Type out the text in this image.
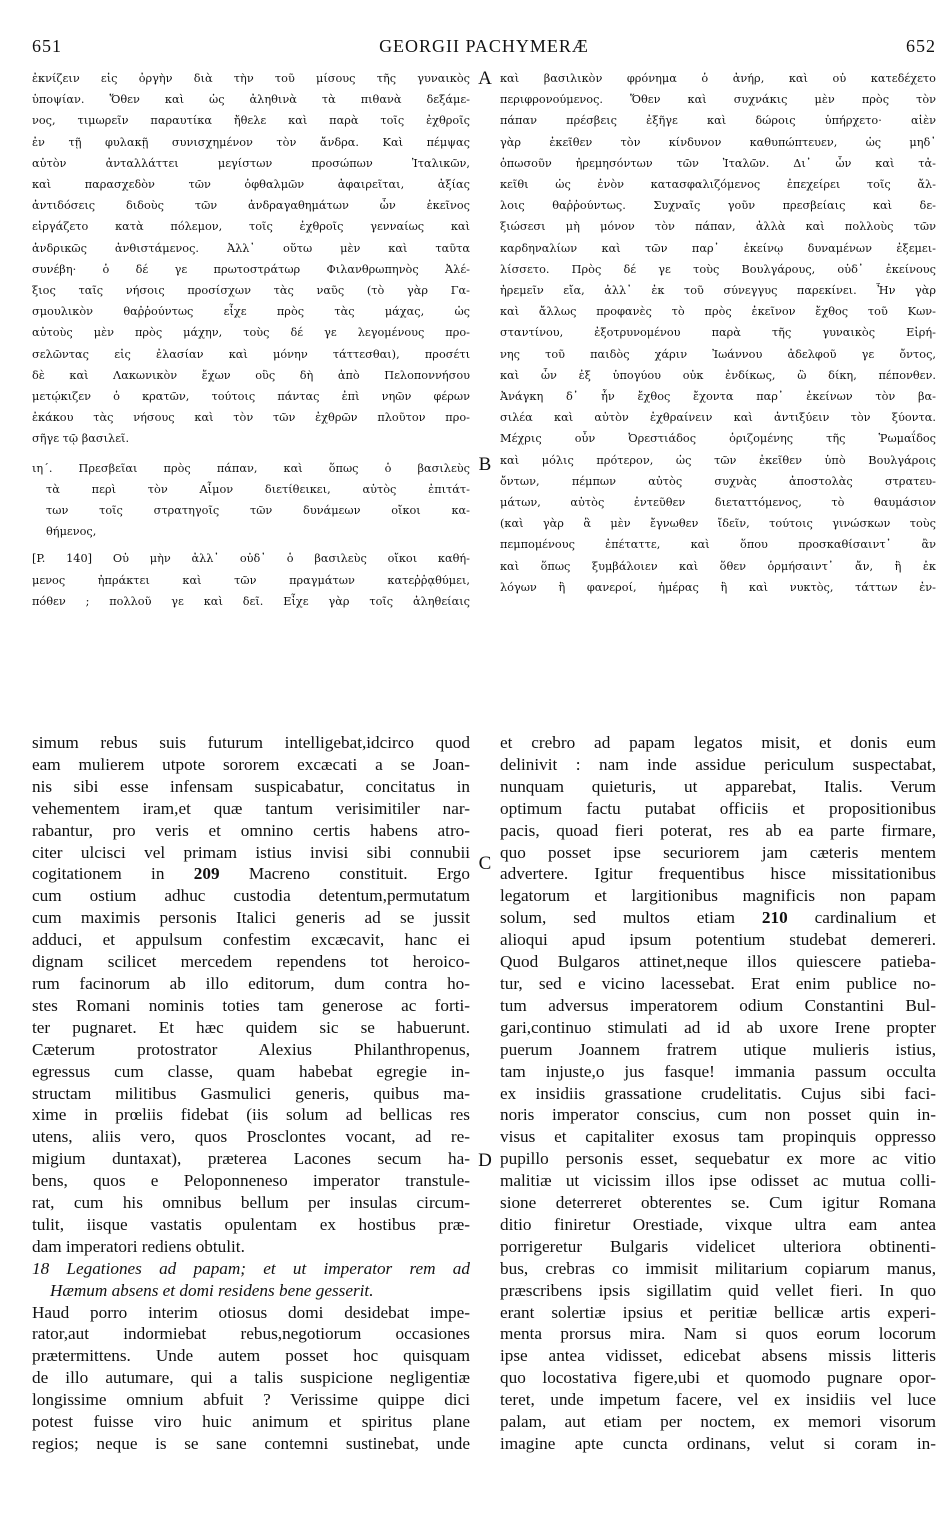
651	GEORGII PACHYMERÆ	652
A
B
C
D
ἐκνίζειν εἰς ὀργὴν διὰ τὴν τοῦ μίσους τῆς γυναικὸς
ὑποψίαν. Ὅθεν καὶ ὡς ἀληθινὰ τὰ πιθανὰ δεξάμε-
νος, τιμωρεῖν παραυτίκα ἤθελε καὶ παρὰ τοῖς ἐχθροῖς
ἐν τῇ φυλακῇ συνισχημένον τὸν ἄνδρα. Καὶ πέμψας
αὐτὸν ἀνταλλάττει μεγίστων προσώπων Ἰταλικῶν,
καὶ παρασχεδὸν τῶν ὀφθαλμῶν ἀφαιρεῖται, ἀξίας
ἀντιδόσεις διδοὺς τῶν ἀνδραγαθημάτων ὧν ἐκεῖνος
εἰργάζετο κατὰ πόλεμον, τοῖς ἐχθροῖς γενναίως καὶ
ἀνδρικῶς ἀνθιστάμενος. Ἀλλ᾽ οὕτω μὲν καὶ ταῦτα
συνέβη· ὁ δέ γε πρωτοστράτωρ Φιλανθρωπηνὸς Ἀλέ-
ξιος ταῖς νήσοις προσίσχων τὰς ναῦς (τὸ γὰρ Γα-
σμουλικὸν θαῤῥούντως εἶχε πρὸς τὰς μάχας, ὡς
αὐτοὺς μὲν πρὸς μάχην, τοὺς δέ γε λεγομένους προ-
σελῶντας εἰς ἐλασίαν καὶ μόνην τάττεσθαι), προσέτι
δὲ καὶ Λακωνικὸν ἔχων οὓς δὴ ἀπὸ Πελοποννήσου
μετῴκιζεν ὁ κρατῶν, τούτοις πάντας ἐπὶ νηῶν φέρων
ἐκάκου τὰς νήσους καὶ τὸν τῶν ἐχθρῶν πλοῦτον προ-
σῆγε τῷ βασιλεῖ.
ιη΄. Πρεσβεῖαι πρὸς πάπαν, καὶ ὅπως ὁ βασιλεὺς
τὰ περὶ τὸν Αἷμον διετίθεικει, αὐτὸς ἐπιτάτ-
των τοῖς στρατηγοῖς τῶν δυνάμεων οἴκοι κα-
θήμενος,
[P. 140] Οὐ μὴν ἀλλ᾽ οὐδ᾽ ὁ βασιλεὺς οἴκοι καθή-
μενος ἠπράκτει καὶ τῶν πραγμάτων κατεῤῥᾳθύμει,
πόθεν ; πολλοῦ γε καὶ δεῖ. Εἶχε γὰρ τοῖς ἀληθείαις
καὶ βασιλικὸν φρόνημα ὁ ἀνήρ, καὶ οὐ κατεδέχετο
περιφρονούμενος. Ὅθεν καὶ συχνάκις μὲν πρὸς τὸν
πάπαν πρέσβεις ἐξῆγε καὶ δώροις ὑπήρχετο· αἰὲν
γὰρ ἐκεῖθεν τὸν κίνδυνον καθυπώπτευεν, ὡς μηδ᾽
ὁπωσοῦν ἠρεμησόντων τῶν Ἰταλῶν. Δι᾽ ὧν καὶ τἀ-
κεῖθι ὡς ἐνὸν κατασφαλιζόμενος ἐπεχείρει τοῖς ἄλ-
λοις θαῤῥούντως. Συχναῖς γοῦν πρεσβείαις καὶ δε-
ξιώσεσι μὴ μόνον τὸν πάπαν, ἀλλὰ καὶ πολλοὺς τῶν
καρδηναλίων καὶ τῶν παρ᾽ ἐκείνῳ δυναμένων ἐξεμει-
λίσσετο. Πρὸς δέ γε τοὺς Βουλγάρους, οὐδ᾽ ἐκείνους
ἠρεμεῖν εἴα, ἀλλ᾽ ἐκ τοῦ σύνεγγυς παρεκίνει. Ἦν γὰρ
καὶ ἄλλως προφανὲς τὸ πρὸς ἐκεῖνον ἔχθος τοῦ Κων-
σταντίνου, ἐξοτρυνομένου παρὰ τῆς γυναικὸς Εἰρή-
νης τοῦ παιδὸς χάριν Ἰωάννου ἀδελφοῦ γε ὄντος,
καὶ ὧν ἐξ ὑπογύου οὐκ ἐνδίκως, ὢ δίκη, πέπονθεν.
Ἀνάγκη δ᾽ ἦν ἔχθος ἔχοντα παρ᾽ ἐκείνων τὸν βα-
σιλέα καὶ αὐτὸν ἐχθραίνειν καὶ ἀντιξύειν τὸν ξύοντα.
Μέχρις οὖν Ὀρεστιάδος ὁριζομένης τῆς Ῥωμαΐδος
καὶ μόλις πρότερον, ὡς τῶν ἐκεῖθεν ὑπὸ Βουλγάροις
ὄντων, πέμπων αὐτὸς συχνὰς ἀποστολὰς στρατευ-
μάτων, αὐτὸς ἐντεῦθεν διεταττόμενος, τὸ θαυμάσιον
(καὶ γὰρ ἃ μὲν ἔγνωθεν ἴδεῖν, τούτοις γινώσκων τοὺς
πεμπομένους ἐπέταττε, καὶ ὅπου προσκαθίσαιντ᾽ ἂν
καὶ ὅπως ξυμβάλοιεν καὶ ὅθεν ὁρμήσαιντ᾽ ἄν, ἢ ἐκ
λόγων ἢ φανεροί, ἡμέρας ἢ καὶ νυκτὸς, τάττων ἐν-
simum rebus suis futurum intelligebat,idcirco quod
eam mulierem utpote sororem excæcati a se Joan-
nis sibi esse infensam suspicabatur, concitatus in
vehementem iram,et quæ tantum verisimitiler nar-
rabantur, pro veris et omnino certis habens atro-
citer ulcisci vel primam istius invisi sibi connubii
cogitationem in 209 Macreno constituit. Ergo
cum ostium adhuc custodia detentum,permutatum
cum maximis personis Italici generis ad se jussit
adduci, et appulsum confestim excæcavit, hanc ei
dignam scilicet mercedem rependens tot heroico-
rum facinorum ab illo editorum, dum contra ho-
stes Romani nominis toties tam generose ac forti-
ter pugnaret. Et hæc quidem sic se habuerunt.
Cæterum protostrator Alexius Philanthropenus,
egressus cum classe, quam habebat egregie in-
structam militibus Gasmulici generis, quibus ma-
xime in prœliis fidebat (iis solum ad bellicas res
utens, aliis vero, quos Prosclontes vocant, ad re-
migium duntaxat), præterea Lacones secum ha-
bens, quos e Peloponneneso imperator transtule-
rat, cum his omnibus bellum per insulas circum-
tulit, iisque vastatis opulentam ex hostibus præ-
dam imperatori rediens obtulit.
18 Legationes ad papam; et ut imperator rem ad
Hæmum absens et domi residens bene gesserit.
Haud porro interim otiosus domi desidebat impe-
rator,aut indormiebat rebus,negotiorum occasiones
prætermittens. Unde autem posset hoc quisquam
de illo autumare, qui a talis suspicione negligentiæ
longissime omnium abfuit ? Verissime quippe dici
potest fuisse viro huic animum et spiritus plane
regios; neque is se sane contemni sustinebat, unde
et crebro ad papam legatos misit, et donis eum
delinivit : nam inde assidue periculum suspectabat,
nunquam quieturis, ut apparebat, Italis. Verum
optimum factu putabat officiis et propositionibus
pacis, quoad fieri poterat, res ab ea parte firmare,
quo posset ipse securiorem jam cæteris mentem
advertere. Igitur frequentibus hisce missitationibus
legatorum et largitionibus magnificis non papam
solum, sed multos etiam 210 cardinalium et
alioqui apud ipsum potentium studebat demereri.
Quod Bulgaros attinet,neque illos quiescere patieba-
tur, sed e vicino lacessebat. Erat enim publice no-
tum adversus imperatorem odium Constantini Bul-
gari,continuo stimulati ad id ab uxore Irene propter
puerum Joannem fratrem utique mulieris istius,
tam injuste,o jus fasque! immania passum occulta
ex insidiis grassatione crudelitatis. Cujus sibi faci-
noris imperator conscius, cum non posset quin in-
visus et capitaliter exosus tam propinquis oppresso
pupillo personis esset, sequebatur ex more ac vitio
malitiæ ut vicissim illos ipse odisset ac mutua colli-
sione deterreret obterentes se. Cum igitur Romana
ditio finiretur Orestiade, vixque ultra eam antea
porrigeretur Bulgaris videlicet ulteriora obtinenti-
bus, crebras co immisit militarium copiarum manus,
præscribens ipsis sigillatim quid vellet fieri. In quo
erant solertiæ ipsius et peritiæ bellicæ artis experi-
menta prorsus mira. Nam si quos eorum locorum
ipse antea vidisset, edicebat absens missis litteris
quo locostativa figere,ubi et quomodo pugnare opor-
teret, unde impetum facere, vel ex insidiis vel luce
palam, aut etiam per noctem, ex memori visorum
imagine apte cuncta ordinans, velut si coram in-
